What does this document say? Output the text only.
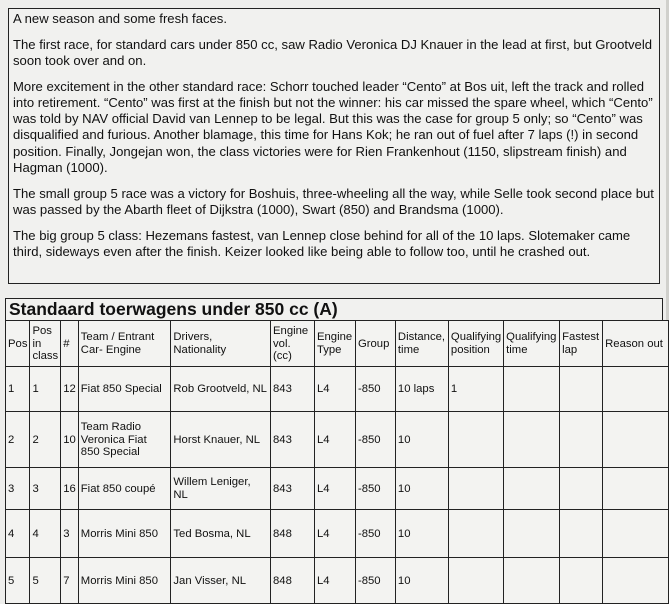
A new season and some fresh faces.

The first race, for standard cars under 850 cc, saw Radio Veronica DJ Knauer in the lead at first, but Grootveld soon took over and on.

More excitement in the other standard race: Schorr touched leader “Cento” at Bos uit, left the track and rolled into retirement. “Cento” was first at the finish but not the winner: his car missed the spare wheel, which “Cento” was told by NAV official David van Lennep to be legal. But this was the case for group 5 only; so “Cento” was disqualified and furious. Another blamage, this time for Hans Kok; he ran out of fuel after 7 laps (!) in second position. Finally, Jongejan won, the class victories were for Rien Frankenhout (1150, slipstream finish) and Hagman (1000).

The small group 5 race was a victory for Boshuis, three-wheeling all the way, while Selle took second place but was passed by the Abarth fleet of Dijkstra (1000), Swart (850) and Brandsma (1000).

The big group 5 class: Hezemans fastest, van Lennep close behind for all of the 10 laps. Slotemaker came third, sideways even after the finish. Keizer looked like being able to follow too, until he crashed out.

Standaard toerwagens under 850 cc (A)
Pos	Pos in class	#	Team / Entrant Car- Engine	Drivers, Nationality	Engine vol. (cc)	Engine Type	Group	Distance, time	Qualifying position	Qualifying time	Fastest lap	Reason out
1	1	12	Fiat 850 Special	Rob Grootveld, NL	843	L4	-850	10 laps	1			
2	2	10	Team Radio Veronica Fiat 850 Special	Horst Knauer, NL	843	L4	-850	10				
3	3	16	Fiat 850 coupé	Willem Leniger, NL	843	L4	-850	10				
4	4	3	Morris Mini 850	Ted Bosma, NL	848	L4	-850	10				
5	5	7	Morris Mini 850	Jan Visser, NL	848	L4	-850	10				
